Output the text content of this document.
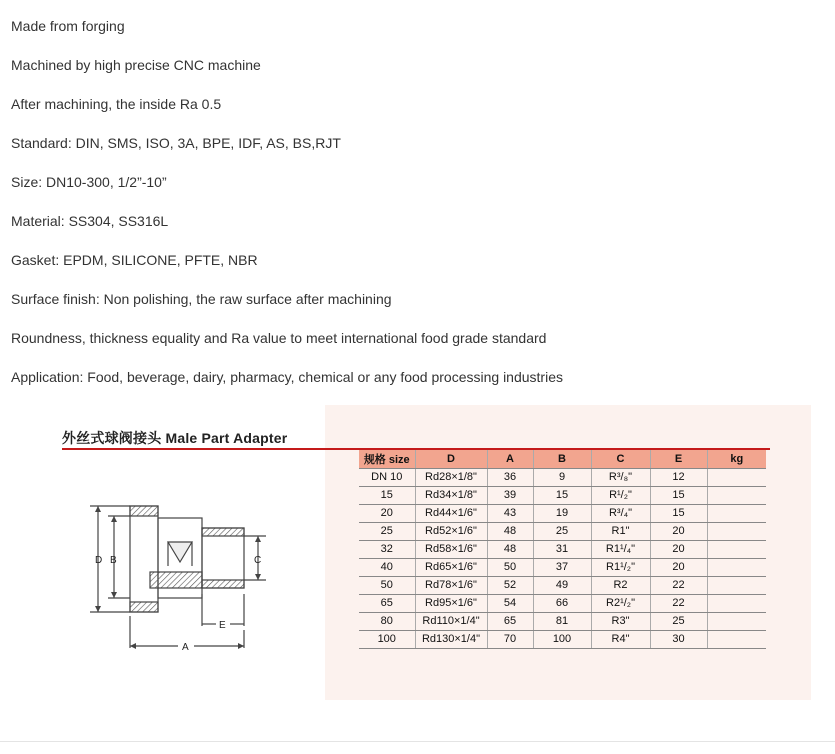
Made from forging
Machined by high precise CNC machine
After machining, the inside Ra 0.5
Standard: DIN, SMS, ISO, 3A, BPE, IDF, AS, BS,RJT
Size: DN10-300, 1/2”-10”
Material: SS304, SS316L
Gasket: EPDM, SILICONE, PFTE, NBR
Surface finish: Non polishing, the raw surface after machining
Roundness, thickness equality and Ra value to meet international food grade standard
Application: Food, beverage, dairy, pharmacy, chemical or any food processing industries
外丝式球阀接头 Male Part Adapter
D B	C
E
A
规格 size	D	A	B	C	E	kg
DN 10	Rd28×1/8"	36	9	R³/₈"	12	
15	Rd34×1/8"	39	15	R¹/₂"	15	
20	Rd44×1/6"	43	19	R³/₄"	15	
25	Rd52×1/6"	48	25	R1"	20	
32	Rd58×1/6"	48	31	R1¹/₄"	20	
40	Rd65×1/6"	50	37	R1¹/₂"	20	
50	Rd78×1/6"	52	49	R2	22	
65	Rd95×1/6"	54	66	R2¹/₂"	22	
80	Rd110×1/4"	65	81	R3"	25	
100	Rd130×1/4"	70	100	R4"	30	
